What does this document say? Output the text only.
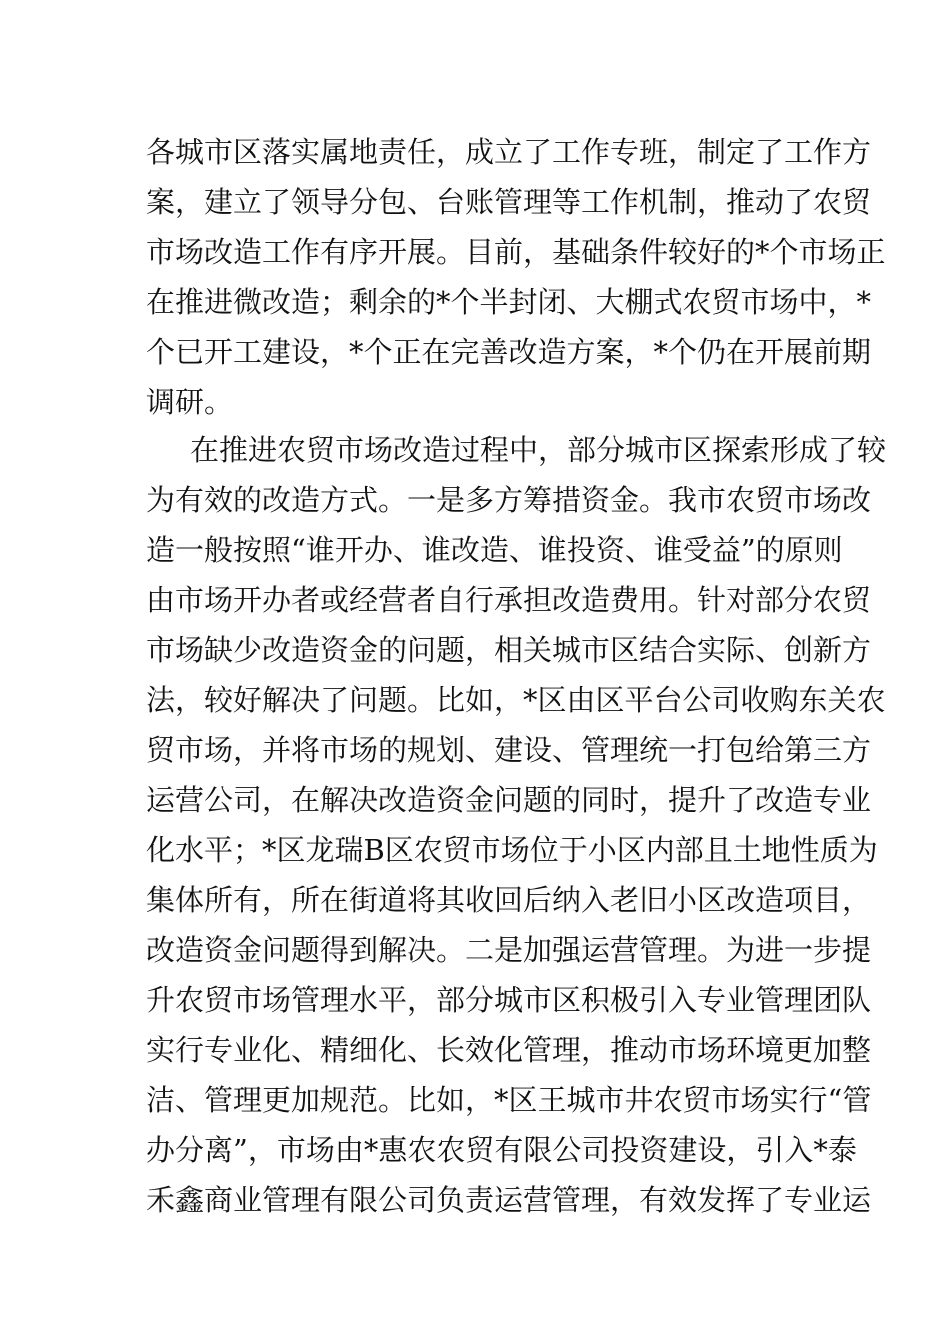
各城市区落实属地责任，成立了工作专班，制定了工作方
案，建立了领导分包、台账管理等工作机制，推动了农贸
市场改造工作有序开展。目前，基础条件较好的*个市场正
在推进微改造；剩余的*个半封闭、大棚式农贸市场中，*
个已开工建设，*个正在完善改造方案，*个仍在开展前期
调研。
在推进农贸市场改造过程中，部分城市区探索形成了较
为有效的改造方式。一是多方筹措资金。我市农贸市场改
造一般按照“谁开办、谁改造、谁投资、谁受益”的原则
由市场开办者或经营者自行承担改造费用。针对部分农贸
市场缺少改造资金的问题，相关城市区结合实际、创新方
法，较好解决了问题。比如，*区由区平台公司收购东关农
贸市场，并将市场的规划、建设、管理统一打包给第三方
运营公司，在解决改造资金问题的同时，提升了改造专业
化水平；*区龙瑞B区农贸市场位于小区内部且土地性质为
集体所有，所在街道将其收回后纳入老旧小区改造项目，
改造资金问题得到解决。二是加强运营管理。为进一步提
升农贸市场管理水平，部分城市区积极引入专业管理团队
实行专业化、精细化、长效化管理，推动市场环境更加整
洁、管理更加规范。比如，*区王城市井农贸市场实行“管
办分离”，市场由*惠农农贸有限公司投资建设，引入*泰
禾鑫商业管理有限公司负责运营管理，有效发挥了专业运
